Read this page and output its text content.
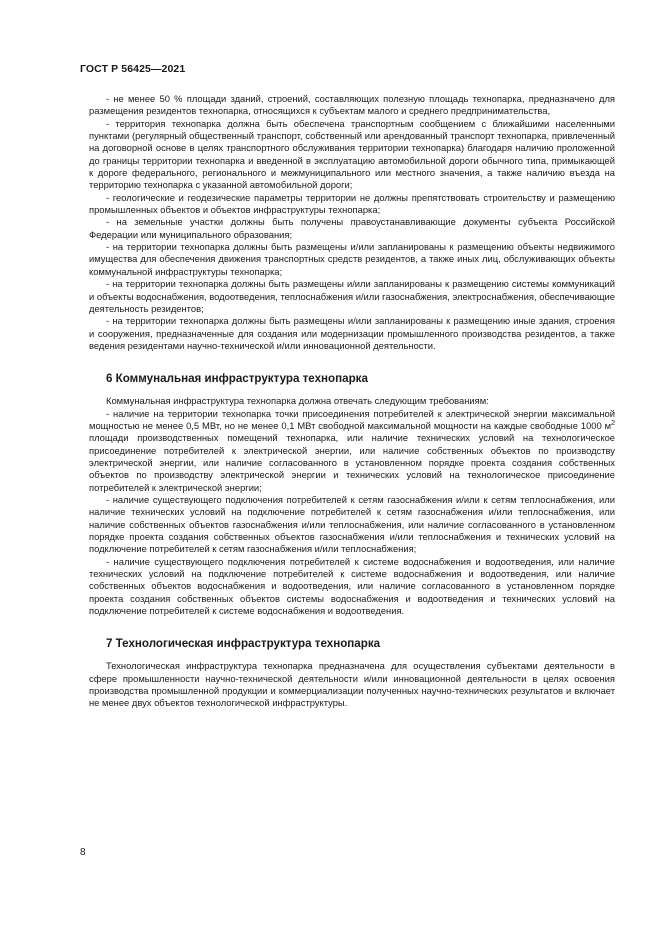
ГОСТ Р 56425—2021

- не менее 50 % площади зданий, строений, составляющих полезную площадь технопарка, предназначено для размещения резидентов технопарка, относящихся к субъектам малого и среднего предпринимательства,

- территория технопарка должна быть обеспечена транспортным сообщением с ближайшими населенными пунктами (регулярный общественный транспорт, собственный или арендованный транспорт технопарка, привлеченный на договорной основе в целях транспортного обслуживания территории технопарка) благодаря наличию проложенной до границы территории технопарка и введенной в эксплуатацию автомобильной дороги обычного типа, примыкающей к дороге федерального, регионального и межмуниципального или местного значения, а также наличию въезда на территорию технопарка с указанной автомобильной дороги;

- геологические и геодезические параметры территории не должны препятствовать строительству и размещению промышленных объектов и объектов инфраструктуры технопарка;

- на земельные участки должны быть получены правоустанавливающие документы субъекта Российской Федерации или муниципального образования;

- на территории технопарка должны быть размещены и/или запланированы к размещению объекты недвижимого имущества для обеспечения движения транспортных средств резидентов, а также иных лиц, обслуживающих объекты коммунальной инфраструктуры технопарка;

- на территории технопарка должны быть размещены и/или запланированы к размещению системы коммуникаций и объекты водоснабжения, водоотведения, теплоснабжения и/или газоснабжения, электроснабжения, обеспечивающие деятельность резидентов;

- на территории технопарка должны быть размещены и/или запланированы к размещению иные здания, строения и сооружения, предназначенные для создания или модернизации промышленного производства резидентов, а также ведения резидентами научно-технической и/или инновационной деятельности.

6 Коммунальная инфраструктура технопарка

Коммунальная инфраструктура технопарка должна отвечать следующим требованиям:

- наличие на территории технопарка точки присоединения потребителей к электрической энергии максимальной мощностью не менее 0,5 МВт, но не менее 0,1 МВт свободной максимальной мощности на каждые свободные 1000 $м^2$ площади производственных помещений технопарка, или наличие технических условий на технологическое присоединение потребителей к электрической энергии, или наличие собственных объектов по производству электрической энергии, или наличие согласованного в установленном порядке проекта создания собственных объектов по производству электрической энергии и технических условий на технологическое присоединение потребителей к электрической энергии;

- наличие существующего подключения потребителей к сетям газоснабжения и/или к сетям теплоснабжения, или наличие технических условий на подключение потребителей к сетям газоснабжения и/или теплоснабжения, или наличие собственных объектов газоснабжения и/или теплоснабжения, или наличие согласованного в установленном порядке проекта создания собственных объектов газоснабжения и/или теплоснабжения и технических условий на подключение потребителей к сетям газоснабжения и/или теплоснабжения;

- наличие существующего подключения потребителей к системе водоснабжения и водоотведения, или наличие технических условий на подключение потребителей к системе водоснабжения и водоотведения, или наличие собственных объектов водоснабжения и водоотведения, или наличие согласованного в установленном порядке проекта создания собственных объектов системы водоснабжения и водоотведения и технических условий на подключение потребителей к системе водоснабжения и водоотведения.

7 Технологическая инфраструктура технопарка

Технологическая инфраструктура технопарка предназначена для осуществления субъектами деятельности в сфере промышленности научно-технической деятельности и/или инновационной деятельности в целях освоения производства промышленной продукции и коммерциализации полученных научно-технических результатов и включает не менее двух объектов технологической инфраструктуры.

8
